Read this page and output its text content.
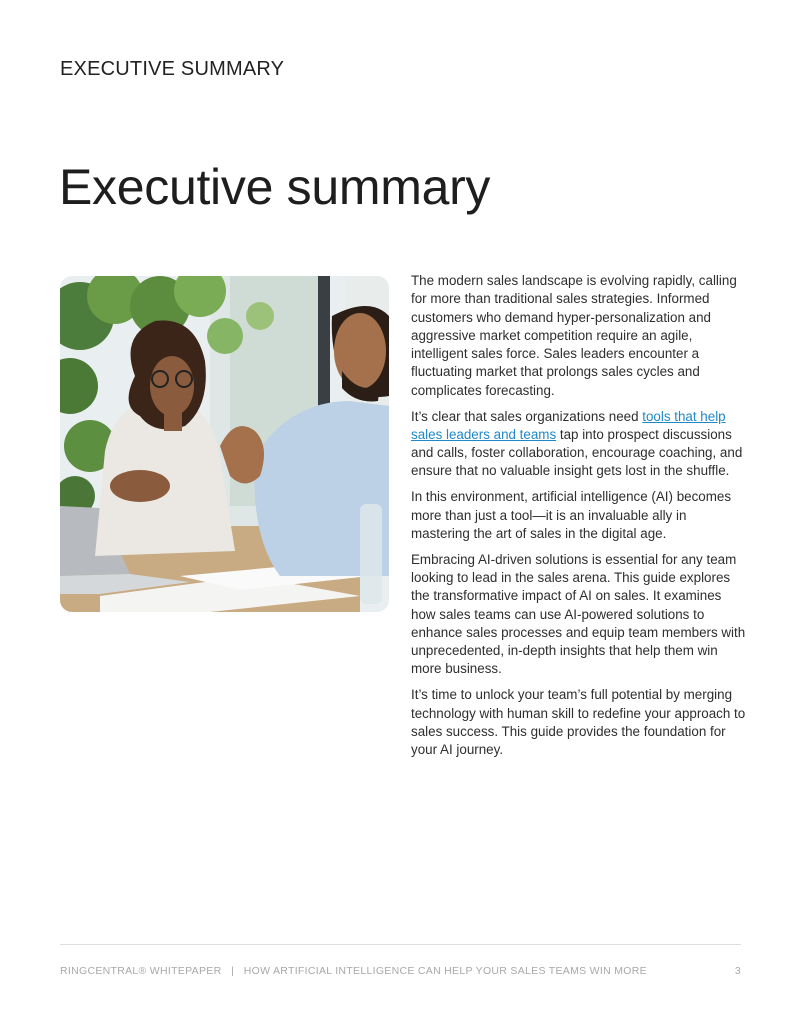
EXECUTIVE SUMMARY
Executive summary

The modern sales landscape is evolving rapidly, calling for more than traditional sales strategies. Informed customers who demand hyper-personalization and aggressive market competition require an agile, intelligent sales force. Sales leaders encounter a fluctuating market that prolongs sales cycles and complicates forecasting.

It’s clear that sales organizations need tools that help sales leaders and teams tap into prospect discussions and calls, foster collaboration, encourage coaching, and ensure that no valuable insight gets lost in the shuffle.

In this environment, artificial intelligence (AI) becomes more than just a tool—it is an invaluable ally in mastering the art of sales in the digital age.

Embracing AI-driven solutions is essential for any team looking to lead in the sales arena. This guide explores the transformative impact of AI on sales. It examines how sales teams can use AI-powered solutions to enhance sales processes and equip team members with unprecedented, in-depth insights that help them win more business.

It’s time to unlock your team’s full potential by merging technology with human skill to redefine your approach to sales success. This guide provides the foundation for your AI journey.

RINGCENTRAL® WHITEPAPER   |   HOW ARTIFICIAL INTELLIGENCE CAN HELP YOUR SALES TEAMS WIN MORE	3
